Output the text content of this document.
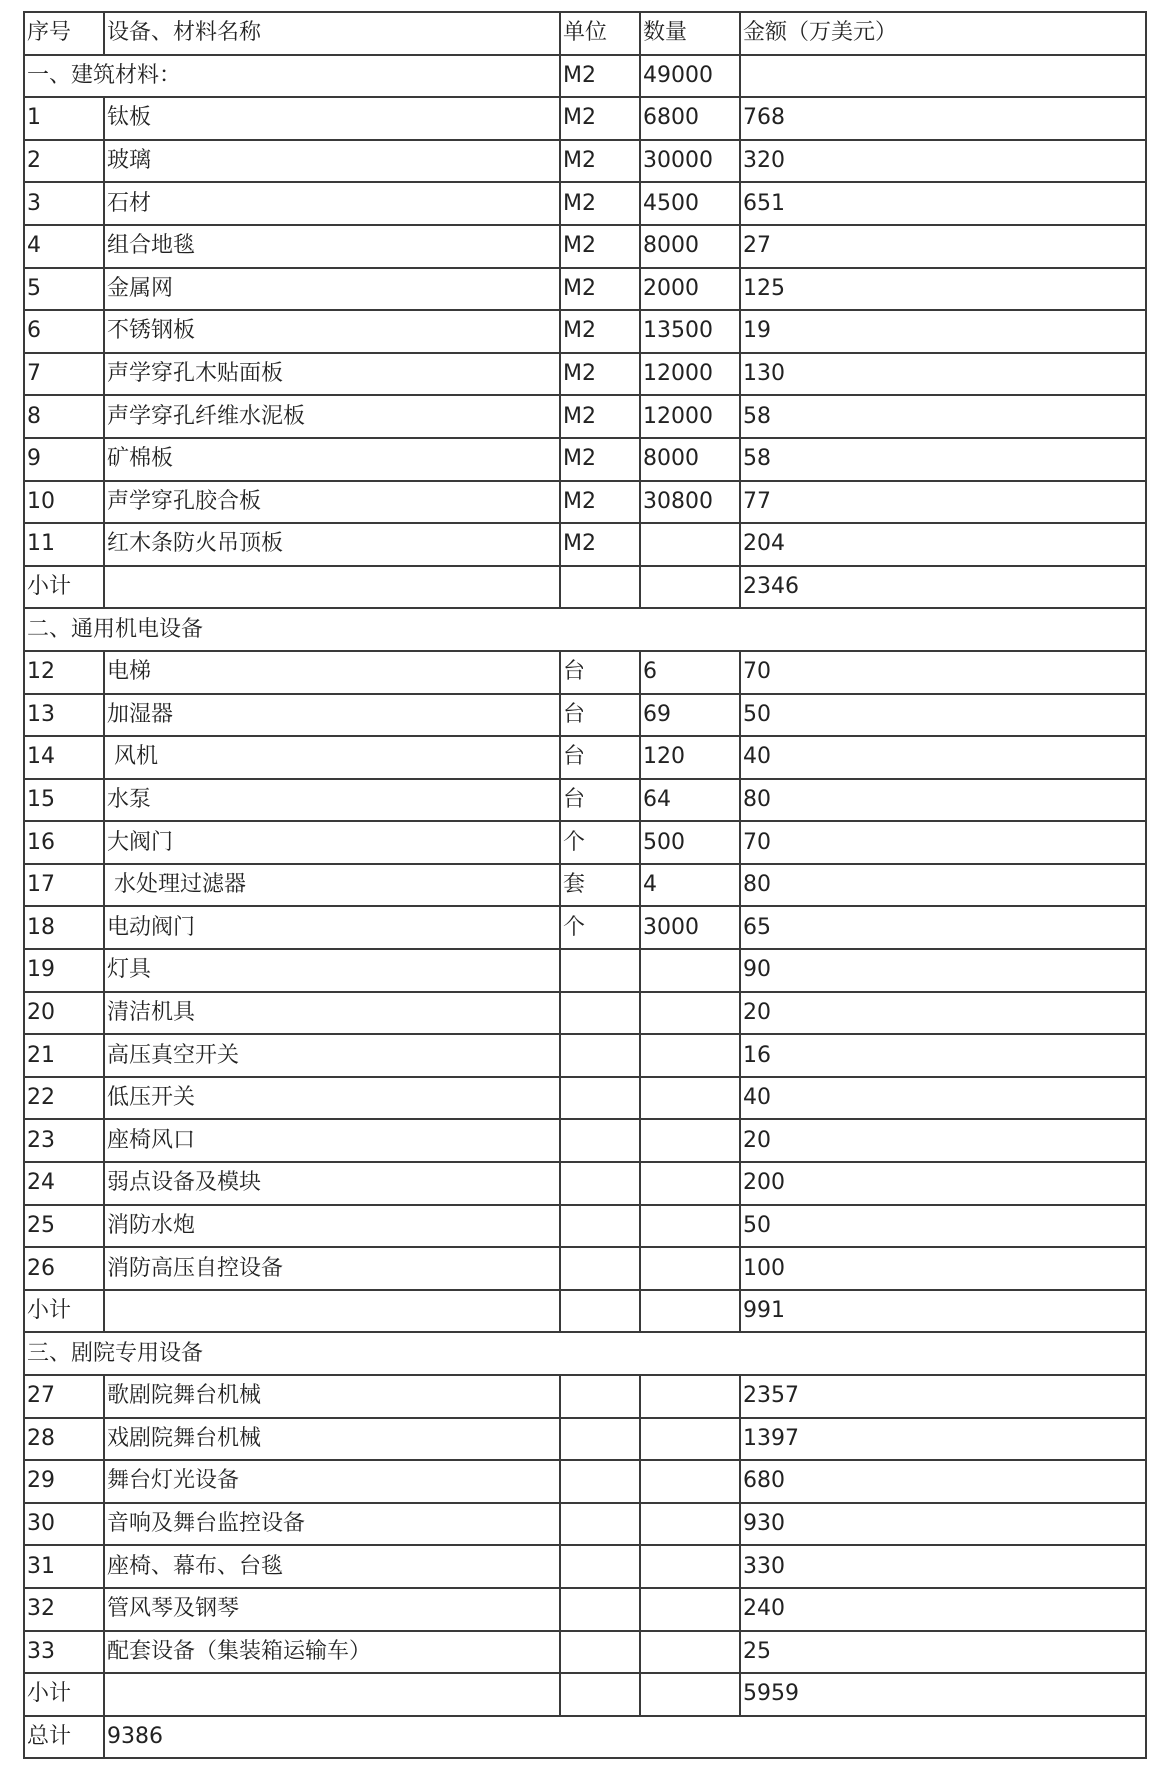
序号	设备、材料名称	单位	数量	金额（万美元）
一、建筑材料：		M2	49000	
1	钛板	M2	6800	768
2	玻璃	M2	30000	320
3	石材	M2	4500	651
4	组合地毯	M2	8000	27
5	金属网	M2	2000	125
6	不锈钢板	M2	13500	19
7	声学穿孔木贴面板	M2	12000	130
8	声学穿孔纤维水泥板	M2	12000	58
9	矿棉板	M2	8000	58
10	声学穿孔胶合板	M2	30800	77
11	红木条防火吊顶板	M2		204
小计				2346
二、通用机电设备				
12	电梯	台	6	70
13	加湿器	台	69	50
14	风机	台	120	40
15	水泵	台	64	80
16	大阀门	个	500	70
17	水处理过滤器	套	4	80
18	电动阀门	个	3000	65
19	灯具			90
20	清洁机具			20
21	高压真空开关			16
22	低压开关			40
23	座椅风口			20
24	弱点设备及模块			200
25	消防水炮			50
26	消防高压自控设备			100
小计				991
三、剧院专用设备				
27	歌剧院舞台机械			2357
28	戏剧院舞台机械			1397
29	舞台灯光设备			680
30	音响及舞台监控设备			930
31	座椅、幕布、台毯			330
32	管风琴及钢琴			240
33	配套设备（集装箱运输车）			25
小计				5959
总计	9386			
